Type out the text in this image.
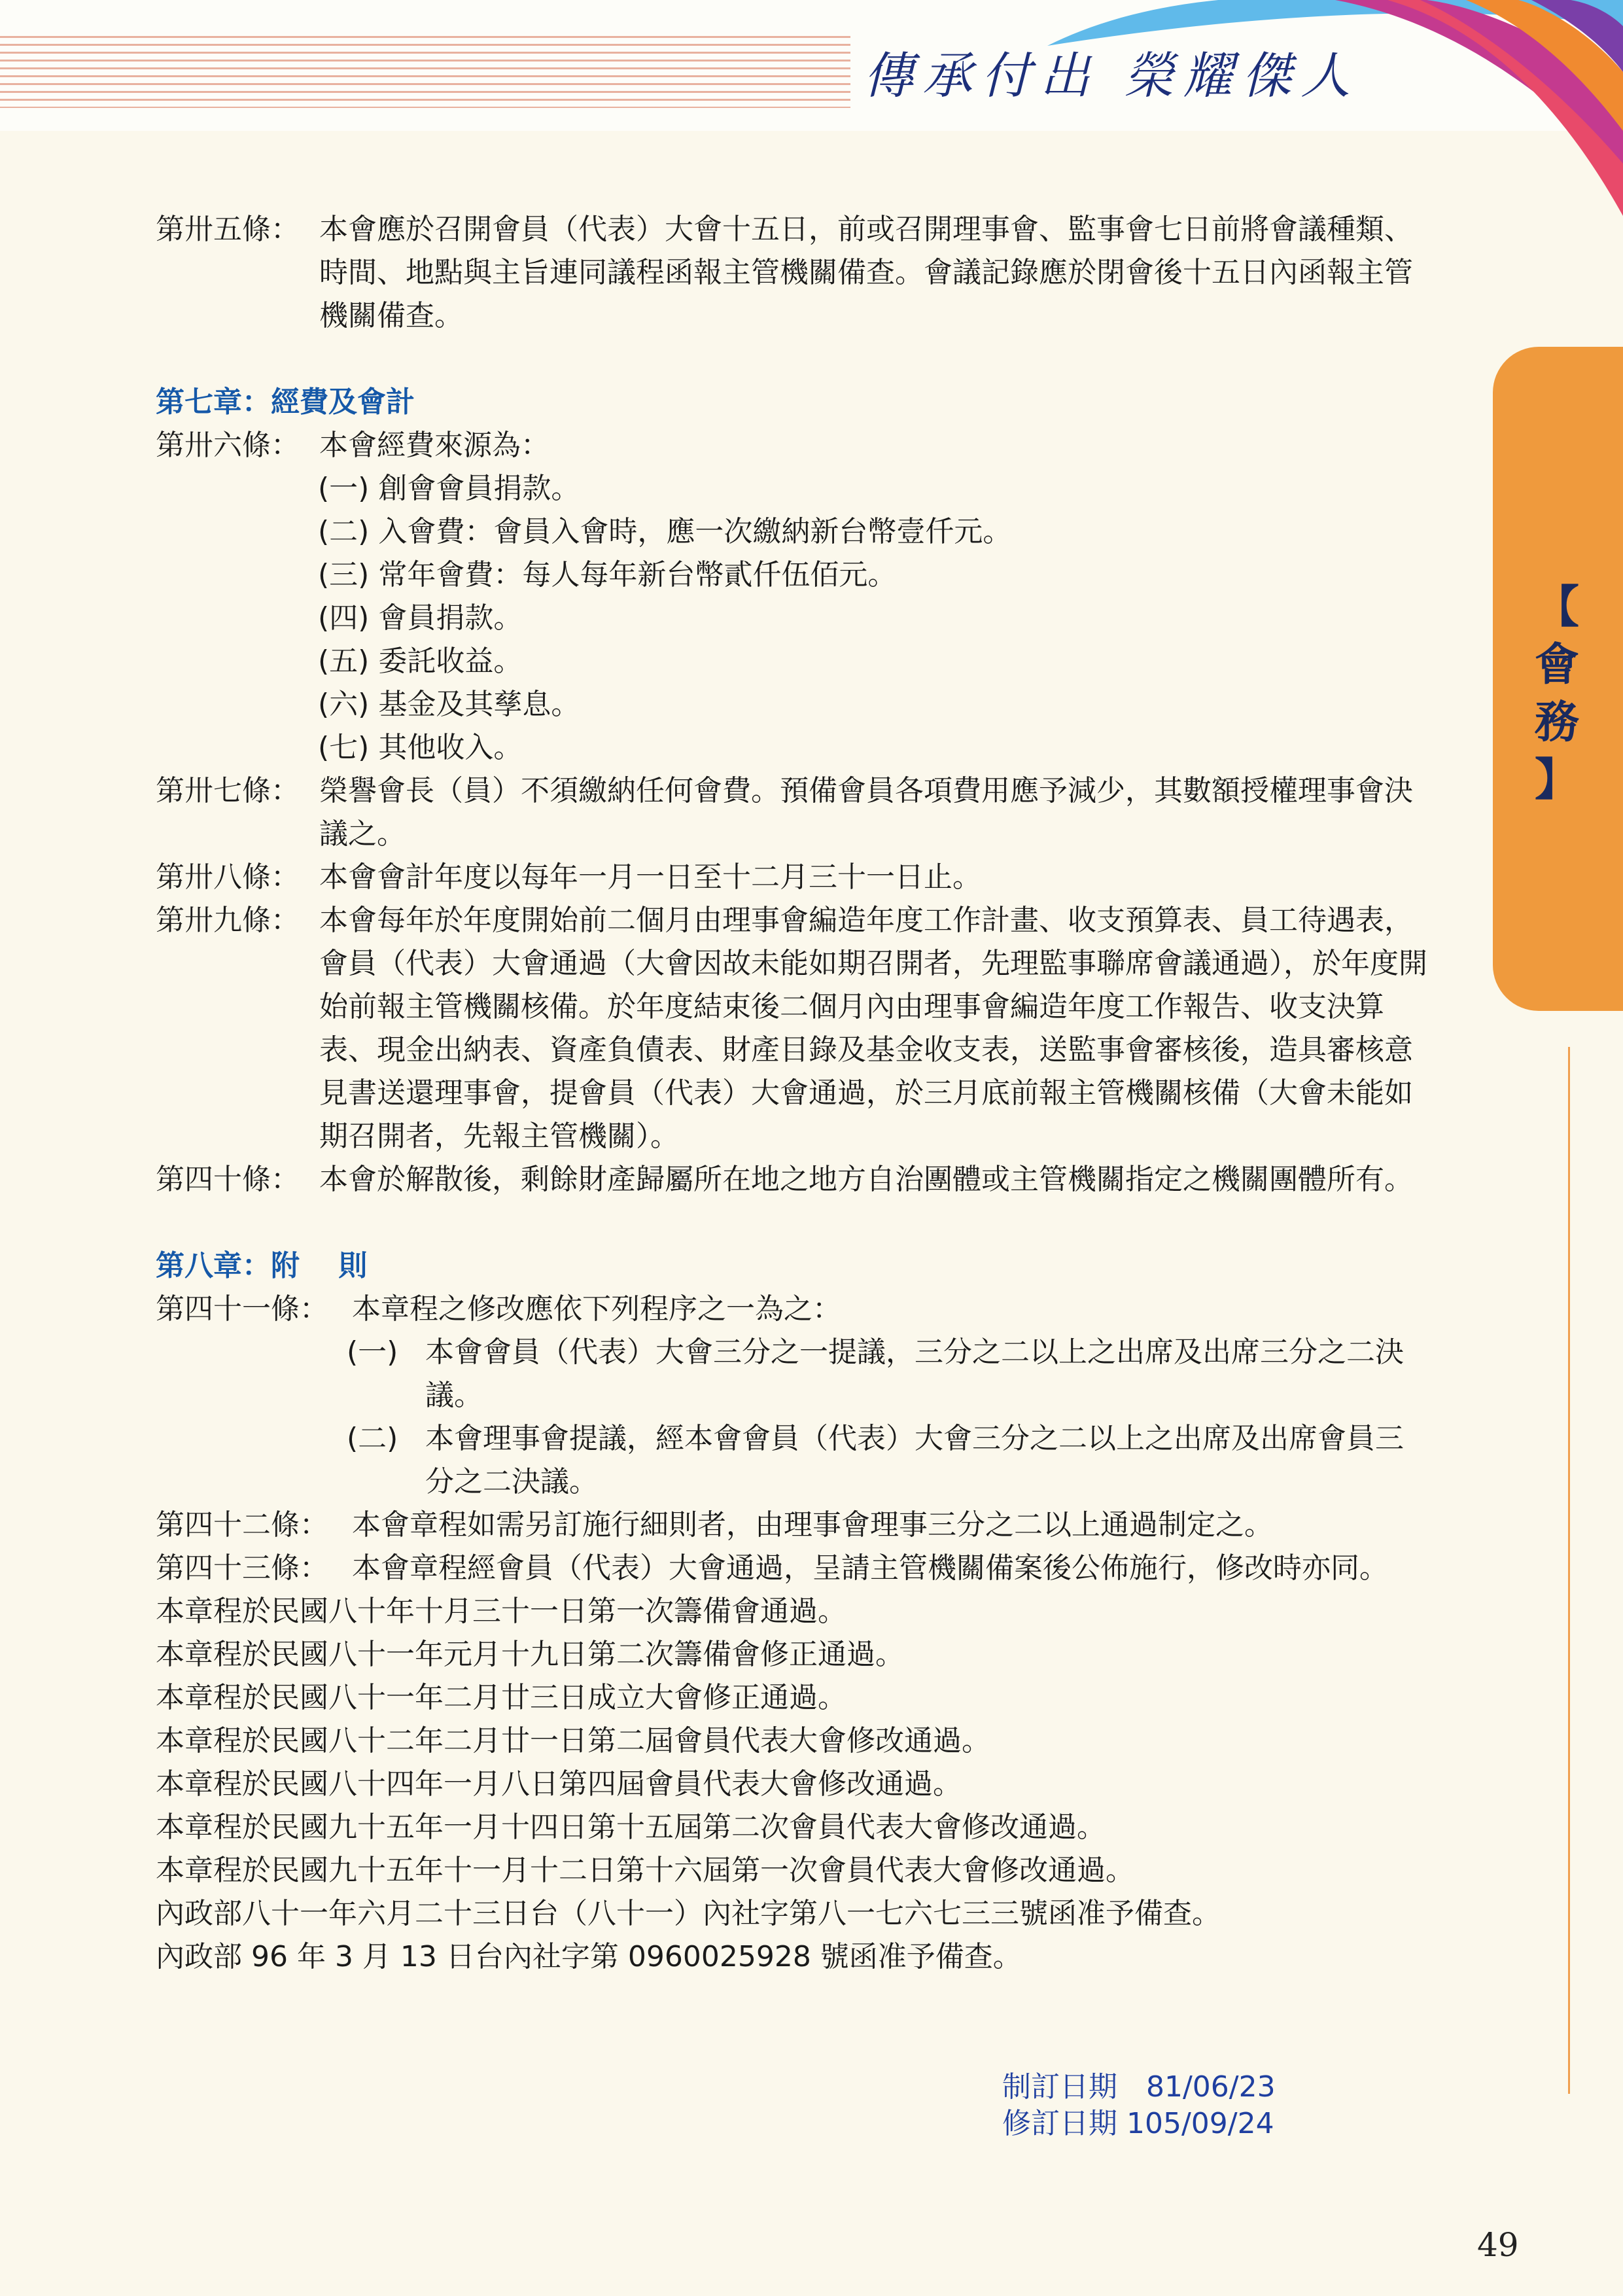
傳承付出 榮耀傑人
【
會
務
】
第卅五條： 本會應於召開會員（代表）大會十五日，前或召開理事會、監事會七日前將會議種類、時間、地點與主旨連同議程函報主管機關備查。會議記錄應於閉會後十五日內函報主管機關備查。
第七章：經費及會計
第卅六條： 本會經費來源為：
(一) 創會會員捐款。
(二) 入會費：會員入會時，應一次繳納新台幣壹仟元。
(三) 常年會費：每人每年新台幣貳仟伍佰元。
(四) 會員捐款。
(五) 委託收益。
(六) 基金及其孳息。
(七) 其他收入。
第卅七條： 榮譽會長（員）不須繳納任何會費。預備會員各項費用應予減少，其數額授權理事會決議之。
第卅八條： 本會會計年度以每年一月一日至十二月三十一日止。
第卅九條： 本會每年於年度開始前二個月由理事會編造年度工作計畫、收支預算表、員工待遇表，會員（代表）大會通過（大會因故未能如期召開者，先理監事聯席會議通過），於年度開始前報主管機關核備。於年度結束後二個月內由理事會編造年度工作報告、收支決算表、現金出納表、資產負債表、財產目錄及基金收支表，送監事會審核後，造具審核意見書送還理事會，提會員（代表）大會通過，於三月底前報主管機關核備（大會未能如期召開者，先報主管機關）。
第四十條： 本會於解散後，剩餘財產歸屬所在地之地方自治團體或主管機關指定之機關團體所有。
第八章：附　 則
第四十一條： 本章程之修改應依下列程序之一為之：
(一) 本會會員（代表）大會三分之一提議，三分之二以上之出席及出席三分之二決議。
(二) 本會理事會提議，經本會會員（代表）大會三分之二以上之出席及出席會員三分之二決議。
第四十二條： 本會章程如需另訂施行細則者，由理事會理事三分之二以上通過制定之。
第四十三條： 本會章程經會員（代表）大會通過，呈請主管機關備案後公佈施行，修改時亦同。
本章程於民國八十年十月三十一日第一次籌備會通過。
本章程於民國八十一年元月十九日第二次籌備會修正通過。
本章程於民國八十一年二月廿三日成立大會修正通過。
本章程於民國八十二年二月廿一日第二屆會員代表大會修改通過。
本章程於民國八十四年一月八日第四屆會員代表大會修改通過。
本章程於民國九十五年一月十四日第十五屆第二次會員代表大會修改通過。
本章程於民國九十五年十一月十二日第十六屆第一次會員代表大會修改通過。
內政部八十一年六月二十三日台（八十一）內社字第八一七六七三三號函准予備查。
內政部 96 年 3 月 13 日台內社字第 0960025928 號函准予備查。
制訂日期　81/06/23
修訂日期 105/09/24
49
